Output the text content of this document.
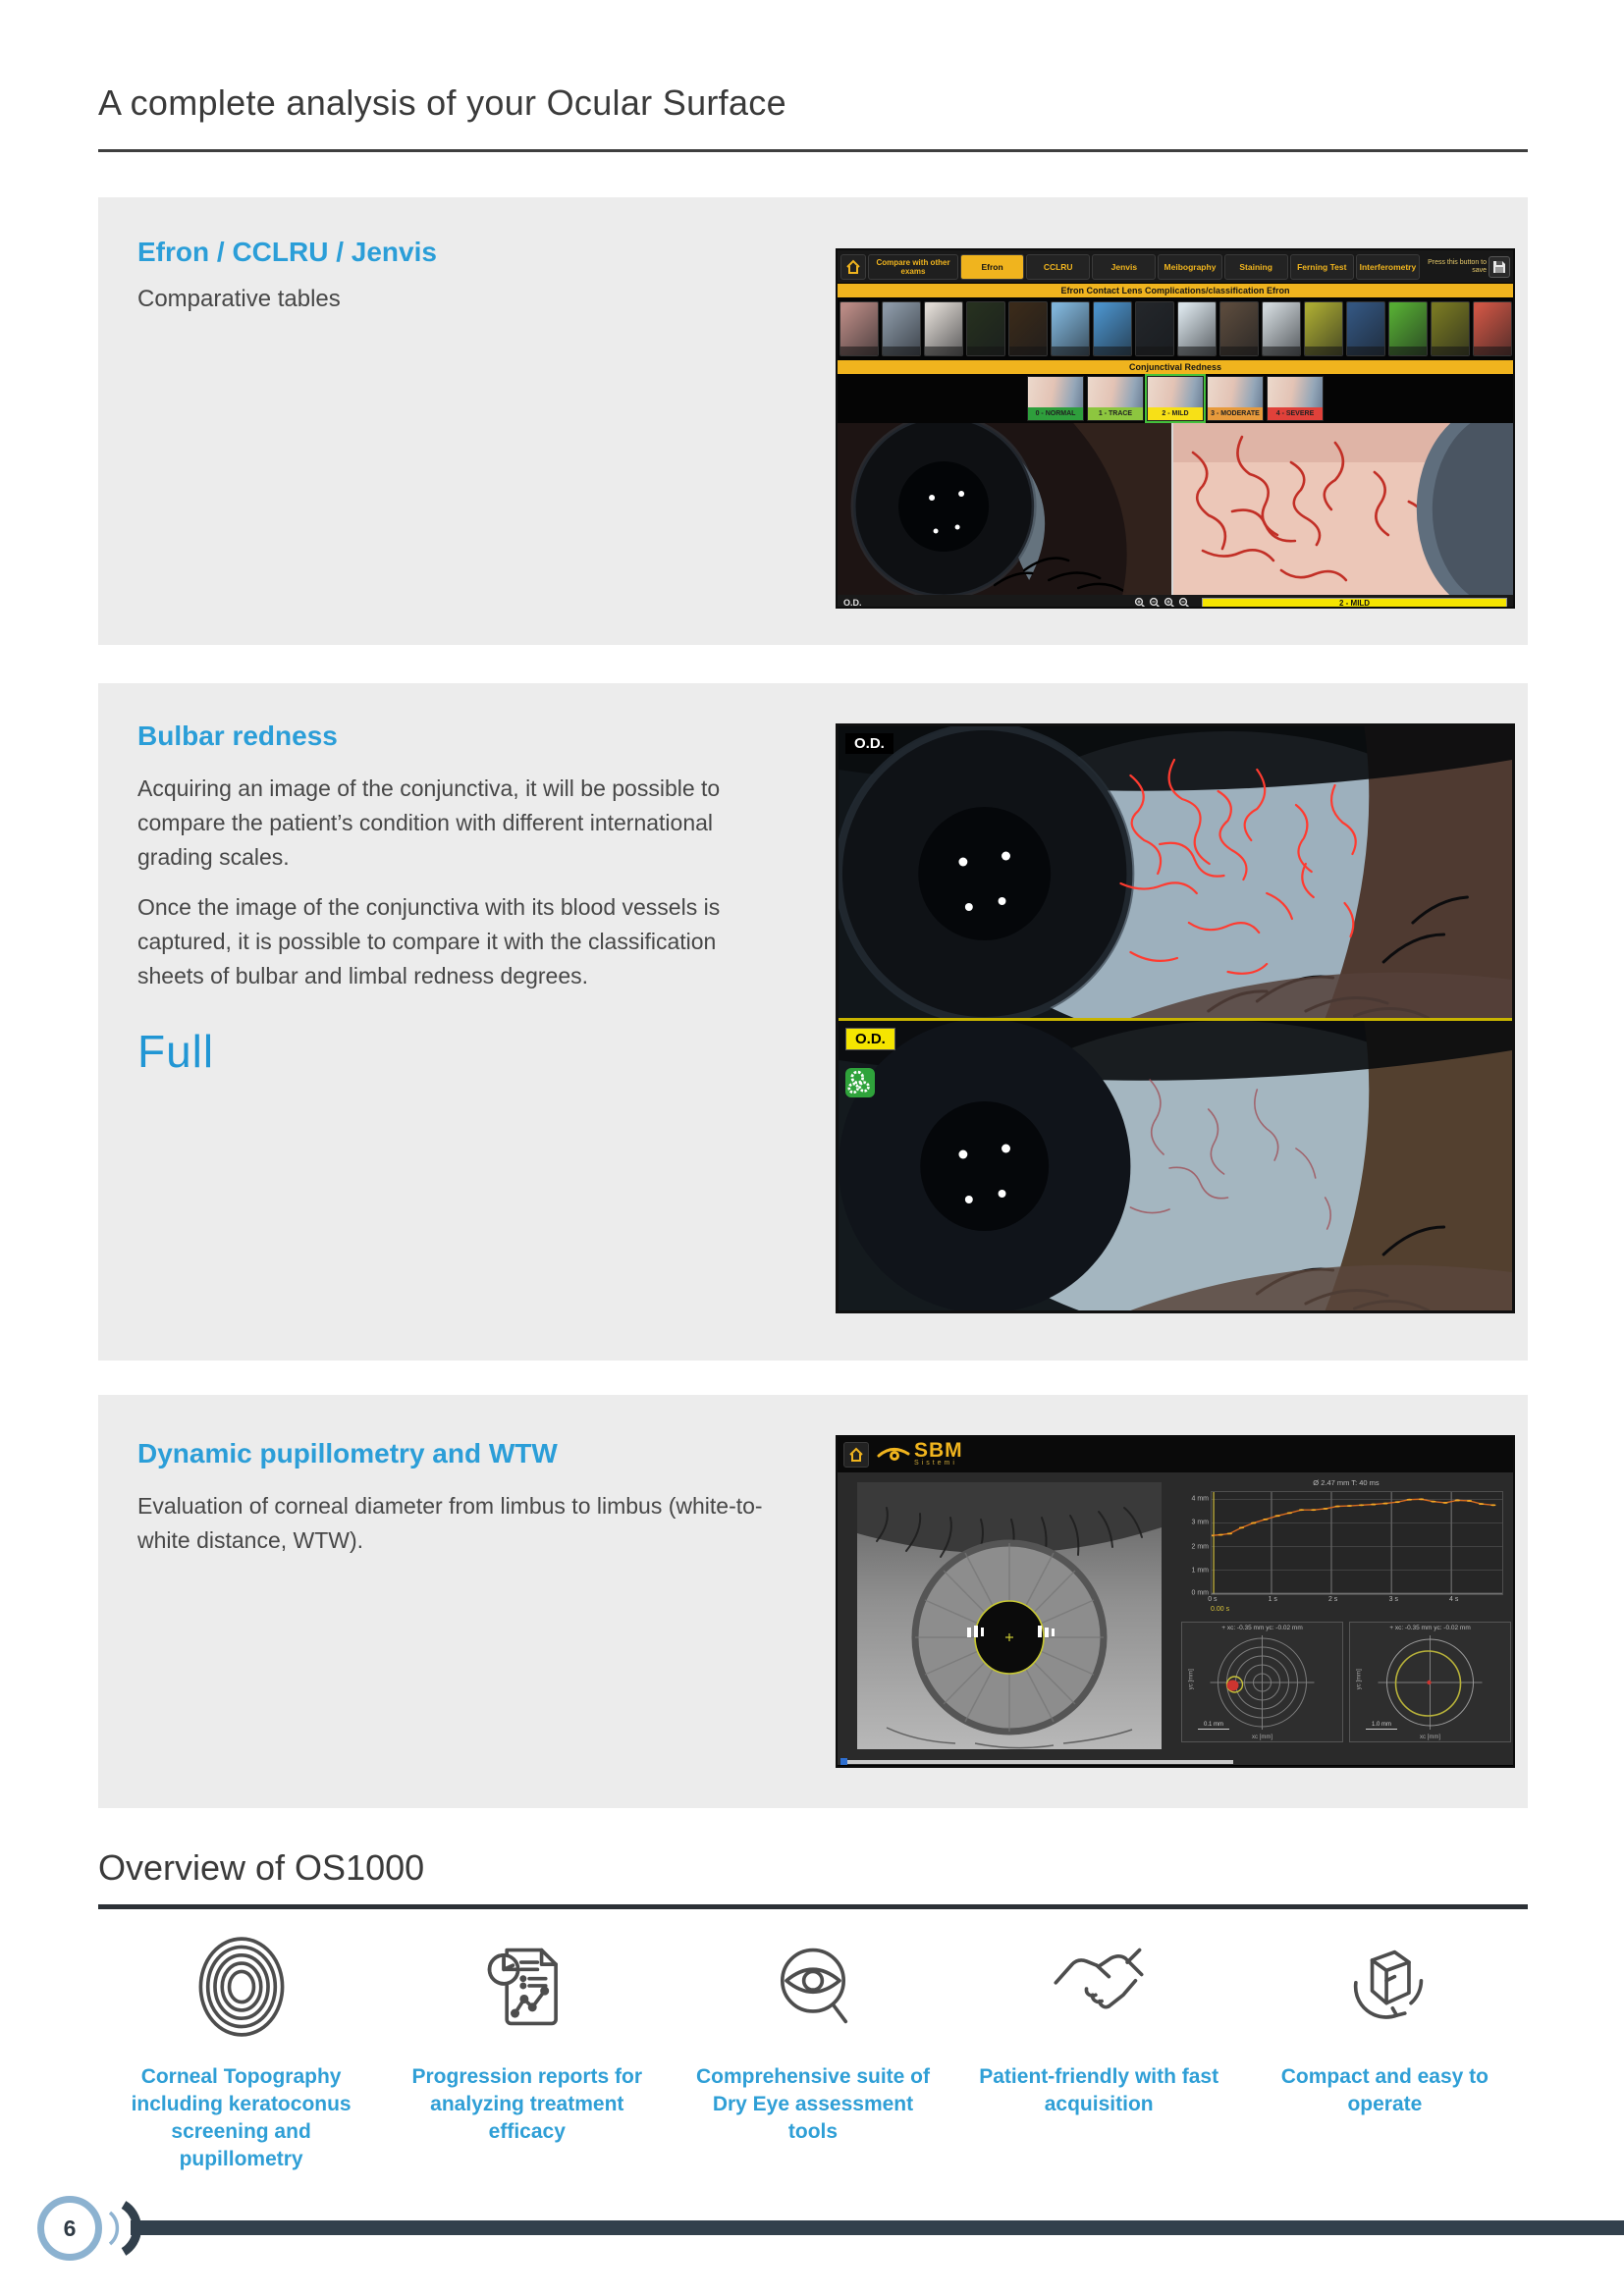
A complete analysis of your Ocular Surface
Efron / CCLRU / Jenvis

Comparative tables

Compare with other exams	Efron	CCLRU	Jenvis	Meibography	Staining	Ferning Test	Interferometry	Press this button to save
Efron Contact Lens Complications/classification Efron
Conjunctival Redness
0 - NORMAL	1 - TRACE	2 - MILD	3 - MODERATE	4 - SEVERE
O.D.	2 - MILD
Bulbar redness

Acquiring an image of the conjunctiva, it will be possible to compare the patient’s condition with different international grading scales.

Once the image of the conjunctiva with its blood vessels is captured, it is possible to compare it with the classification sheets of bulbar and limbal redness degrees.

Full
O.D.
O.D.
Dynamic pupillometry and WTW

Evaluation of corneal diameter from limbus to limbus (white-to-white distance, WTW).

SBM
Sistemi
Ø 2.47 mm T: 40 ms
4 mm
3 mm
2 mm
1 mm
0 mm
0 s	1 s	2 s	3 s	4 s
0.00 s
+ xc: -0.35 mm yc: -0.02 mm
0.1 mm
yc [mm]
xc [mm]
+ xc: -0.35 mm yc: -0.02 mm
1.0 mm
yc [mm]
xc [mm]
Overview of OS1000

Corneal Topography including keratoconus screening and pupillometry

Progression reports for analyzing treatment efficacy

Comprehensive suite of Dry Eye assessment tools

Patient-friendly with fast acquisition

Compact and easy to operate

6
